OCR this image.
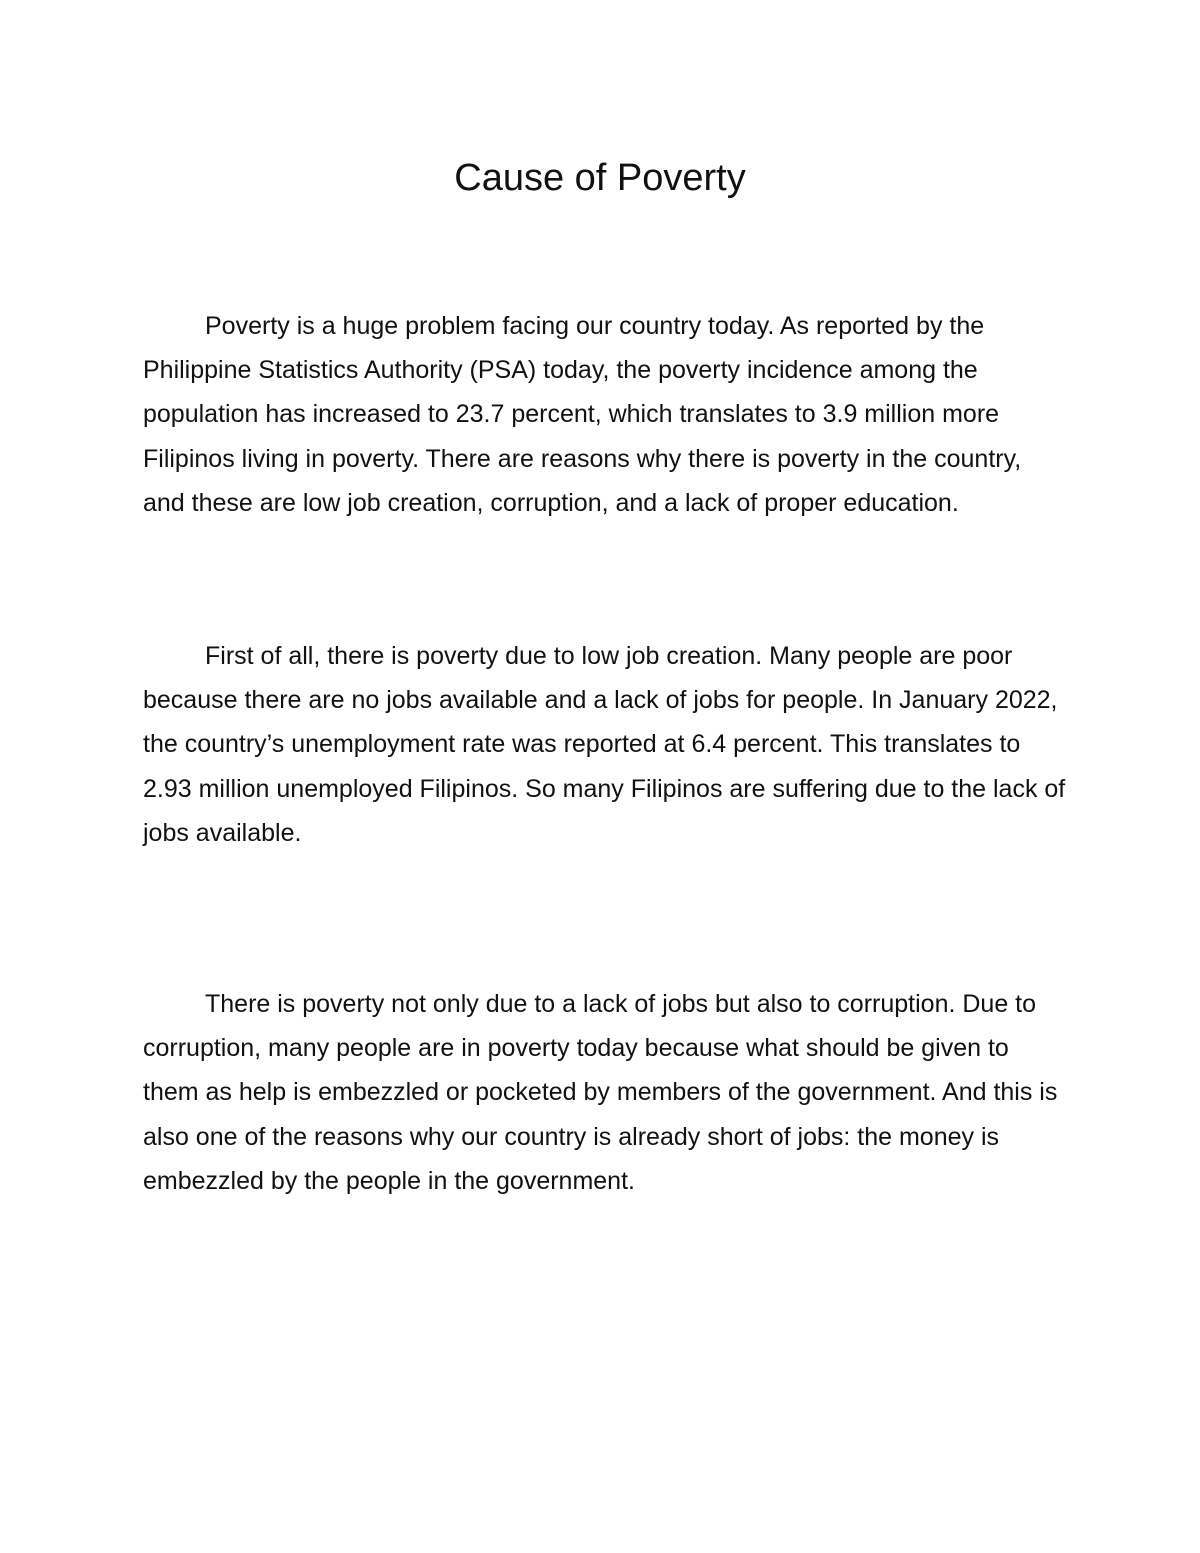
Cause of Poverty

Poverty is a huge problem facing our country today. As reported by the Philippine Statistics Authority (PSA) today, the poverty incidence among the population has increased to 23.7 percent, which translates to 3.9 million more Filipinos living in poverty. There are reasons why there is poverty in the country, and these are low job creation, corruption, and a lack of proper education.

First of all, there is poverty due to low job creation. Many people are poor because there are no jobs available and a lack of jobs for people. In January 2022, the country’s unemployment rate was reported at 6.4 percent. This translates to 2.93 million unemployed Filipinos. So many Filipinos are suffering due to the lack of jobs available.

There is poverty not only due to a lack of jobs but also to corruption. Due to corruption, many people are in poverty today because what should be given to them as help is embezzled or pocketed by members of the government. And this is also one of the reasons why our country is already short of jobs: the money is embezzled by the people in the government.
